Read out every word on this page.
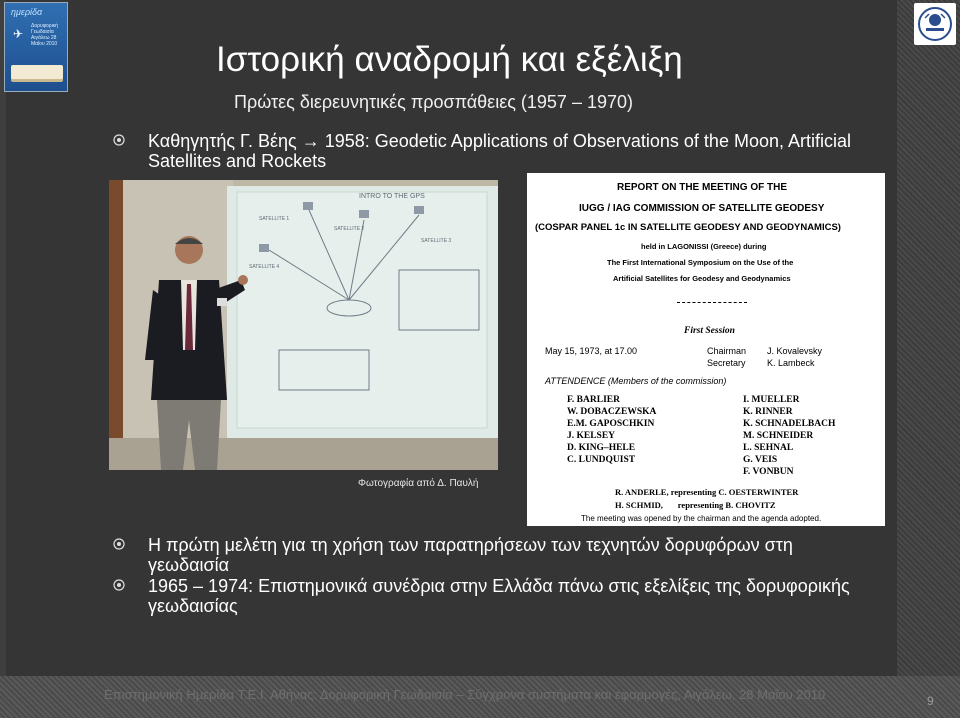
ημερίδα
✈
Δορυφορική Γεωδαισία Αιγάλεω 28 Μαΐου 2010	Ιστορική αναδρομή και εξέλιξη
Πρώτες διερευνητικές προσπάθειες (1957 – 1970)
Καθηγητής Γ. Βέης → 1958: Geodetic Applications of Observations of the Moon, Artificial Satellites and Rockets
INTRO TO THE GPS
SATELLITE 1
SATELLITE 2
SATELLITE 3
SATELLITE 4
Φωτογραφία από Δ. Παυλή
REPORT ON THE MEETING OF THE
IUGG / IAG COMMISSION OF SATELLITE GEODESY
(COSPAR PANEL 1c IN SATELLITE GEODESY AND GEODYNAMICS)
held in LAGONISSI (Greece) during
The First International Symposium on the Use of the
Artificial Satellites for Geodesy and Geodynamics
First Session
May 15, 1973, at 17.00	Chairman J. Kovalevsky
Secretary K. Lambeck
ATTENDENCE (Members of the commission)
F. BARLIER
W. DOBACZEWSKA
E.M. GAPOSCHKIN
J. KELSEY
D. KING–HELE
C. LUNDQUIST
I. MUELLER
K. RINNER
K. SCHNADELBACH
M. SCHNEIDER
L. SEHNAL
G. VEIS
F. VONBUN
R. ANDERLE, representing C. OESTERWINTER
H. SCHMID,       representing B. CHOVITZ
The meeting was opened by the chairman and the agenda adopted.
Η πρώτη μελέτη για τη χρήση των παρατηρήσεων των τεχνητών δορυφόρων στη γεωδαισία
1965 – 1974: Επιστημονικά συνέδρια στην Ελλάδα πάνω στις εξελίξεις της δορυφορικής γεωδαισίας
Επιστημονική Ημερίδα Τ.Ε.Ι. Αθήνας: Δορυφορική Γεωδαισία – Σύγχρονα συστήματα και εφαρμογές, Αιγάλεω, 28 Μαΐου 2010	9
